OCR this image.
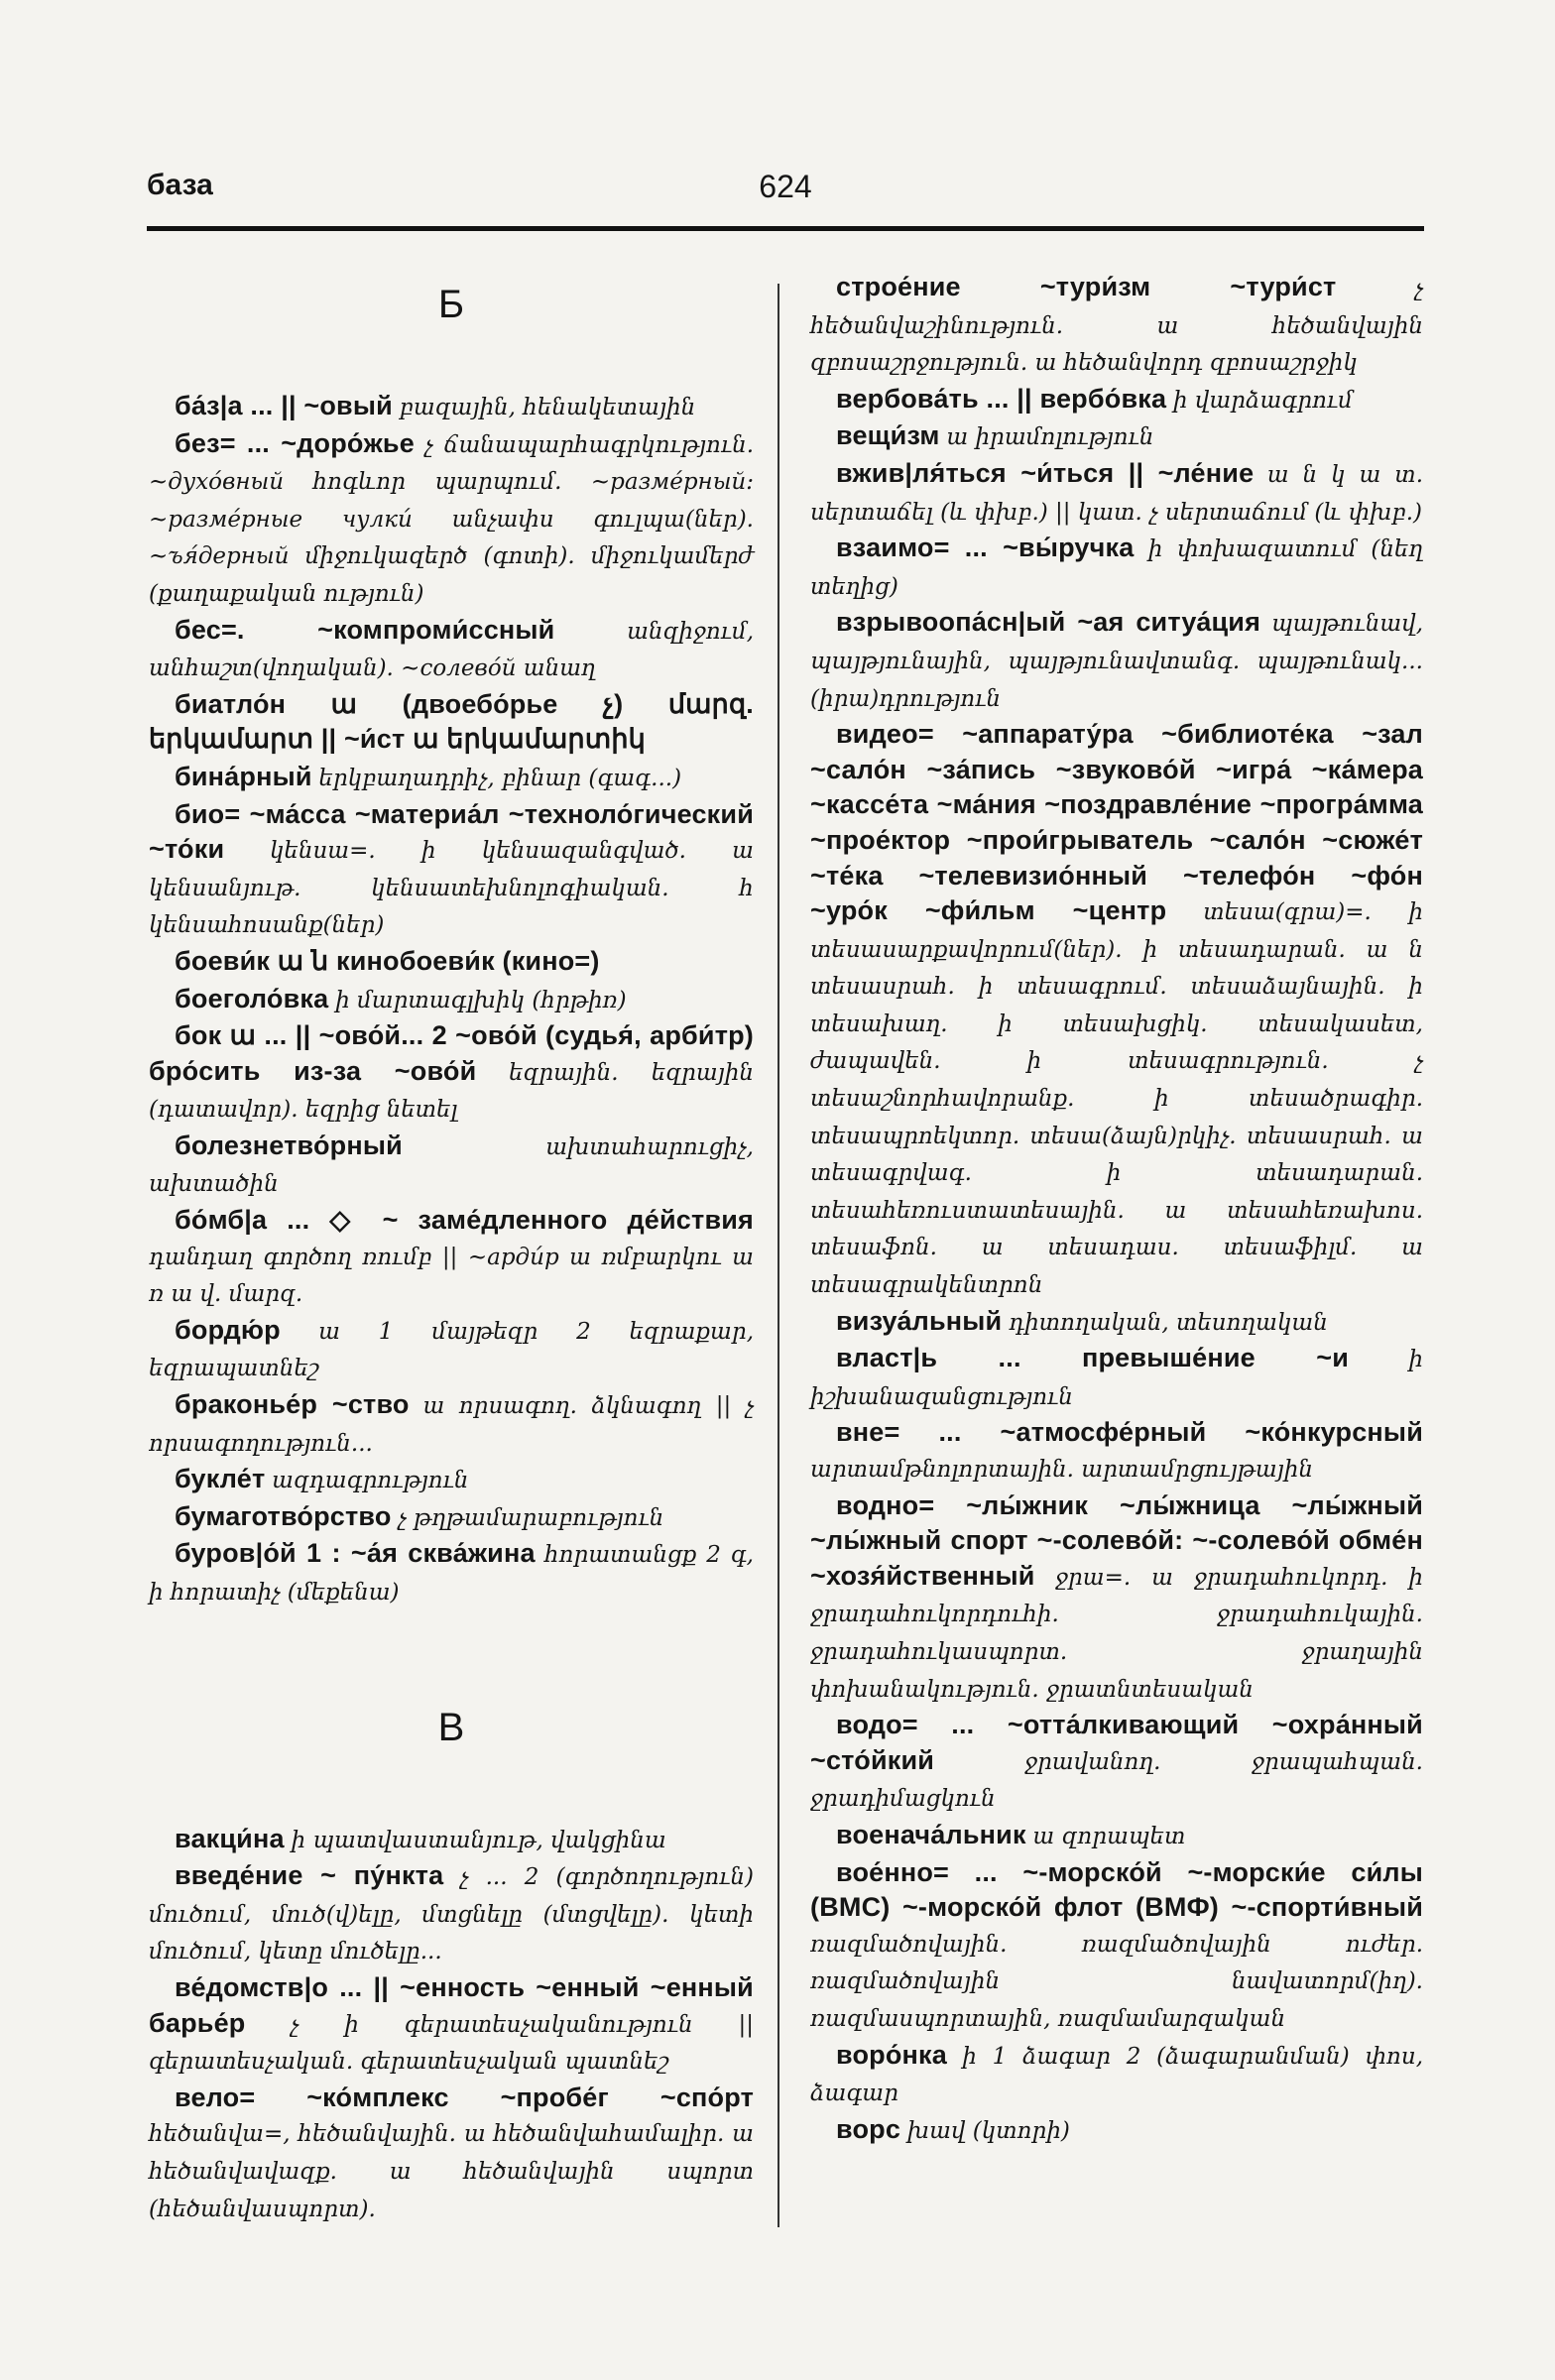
база	624
Б

ба́з|а ... || ~овый բազային, հենակետային

без= ... ~доро́жье չ ճանապարհագրկություն. ~духо́вный հոգևոր պարպում. ~разме́рный: ~разме́рные чулки́ անչափս գուլպա(ներ). ~ъя́дерный միջուկազերծ (գոտի). միջուկամերժ (քաղաքական ություն)

бес=. ~компроми́ссный	անզիջում, անհաշտ(վողական). ~солево́й անաղ

биатло́н ա (двоебо́рье չ) մարզ. երկամարտ || ~и́ст ա երկամարտիկ

бина́рный երկբաղադրիչ, բինար (գագ...)

био= ~ма́сса ~материа́л ~техноло́гический ~то́ки կենսա=. ի կենսազանգված. ա կենսանյութ. կենսատեխնոլոգիական. հ կենսահոսանք(ներ)

боеви́к ա ն кинобоеви́к (кино=)

боеголо́вка ի մարտագլխիկ (հրթիռ)

бок ա ... || ~ово́й... 2 ~ово́й (судья́, арби́тр) бро́сить из-за ~ово́й եզրային. եզրային (դատավոր). եզրից նետել

болезнетво́рный	ախտահարուցիչ, ախտածին

бо́мб|а ... ◇ ~ заме́дленного де́йствия դանդաղ գործող ռումբ || ~арди́р ա ռմբարկու ա ռ ա վ. մարզ.

бордю́р ա 1 մայթեզր 2 եզրաքար, եզրապատնեշ

браконье́р ~ство ա որսագող. ձկնագող || չ որսագողություն...

букле́т ազդագրություն

бумаготво́рство չ թղթամարաբություն

буров|о́й 1 : ~а́я сква́жина հորատանցք 2 գ, ի հորատիչ (մեքենա)

В

вакци́на ի պատվաստանյութ, վակցինա

введе́ние ~ пу́нкта չ ... 2 (գործողություն) մուծում, մուծ(վ)ելը, մտցնելը (մտցվելը). կետի մուծում, կետը մուծելը...

ве́домств|о ... || ~енность ~енный ~енный барье́р չ ի գերատեսչականություն || գերատեսչական. գերատեսչական պատնեշ

вело= ~ко́мплекс ~пробе́г ~спо́рт հեծանվա=, հեծանվային. ա հեծանվահամալիր. ա հեծանվավազք. ա հեծանվային սպորտ (հեծանվասպորտ).

строе́ние ~тури́зм ~тури́ст	չ հեծանվաշինություն. ա հեծանվային զբոսաշրջություն. ա հեծանվորդ զբոսաշրջիկ

вербова́ть ... || вербо́вка ի վարձագրում

вещи́зм ա իրամոլություն

вжив|ля́ться ~и́ться || ~ле́ние ա ն կ ա տ. սերտաճել (և փխբ.) || կատ. չ սերտաճում (և փխբ.)

взаимо= ... ~вы́ручка ի փոխազատում (նեղ տեղից)

взрывоопа́сн|ый ~ая ситуа́ция պայթունավ, պայթյունային, պայթյունավտանգ. պայթունակ... (իրա)դրություն

видео= ~аппарату́ра ~библиоте́ка ~зал ~сало́н ~за́пись ~звуково́й ~игра́ ~ка́мера ~кассе́та ~ма́ния ~поздравле́ние ~програ́мма ~прое́ктор ~прои́грыватель ~сало́н ~сюже́т ~те́ка ~телевизио́нный ~телефо́н ~фо́н ~уро́к ~фи́льм ~центр տեսա(գրա)=. ի տեսասարքավորում(ներ). ի տեսադարան. ա ն տեսասրահ. ի տեսագրում. տեսաձայնային. ի տեսախաղ. ի տեսախցիկ. տեսակասետ, ժապավեն. ի տեսագրություն. չ տեսաշնորհավորանք. ի տեսածրագիր. տեսապրոեկտոր. տեսա(ձայն)րկիչ. տեսասրահ. ա տեսագրվագ. ի տեսադարան. տեսահեռուստատեսային. ա տեսահեռախոս. տեսաֆոն. ա տեսադաս. տեսաֆիլմ. ա տեսագրակենտրոն

визуа́льный դիտողական, տեսողական

власт|ь ... превыше́ние ~и	ի իշխանազանցություն

вне= ... ~атмосфе́рный ~ко́нкурсный արտամթնոլորտային. արտամրցույթային

водно= ~лы́жник ~лы́жница ~лы́жный ~лы́жный спорт ~-солево́й: ~-солево́й обме́н ~хозя́йственный ջրա=. ա ջրադահուկորդ. ի ջրադահուկորդուհի. ջրադահուկային. ջրադահուկասպորտ. ջրաղային փոխանակություն. ջրատնտեսական

водо= ... ~отта́лкивающий ~охра́нный ~сто́йкий	ջրավանող. ջրապահպան. ջրադիմացկուն

военача́льник ա զորապետ

вое́нно= ... ~-морско́й ~-морски́е си́лы (ВМС) ~-морско́й флот (ВМФ) ~-спорти́вный ռազմածովային. ռազմածովային ուժեր. ռազմածովային նավատորմ(իղ). ռազմասպորտային, ռազմամարզական

воро́нка ի 1 ձագար 2 (ձագարանման) փոս, ձագար

ворс խավ (կտորի)
